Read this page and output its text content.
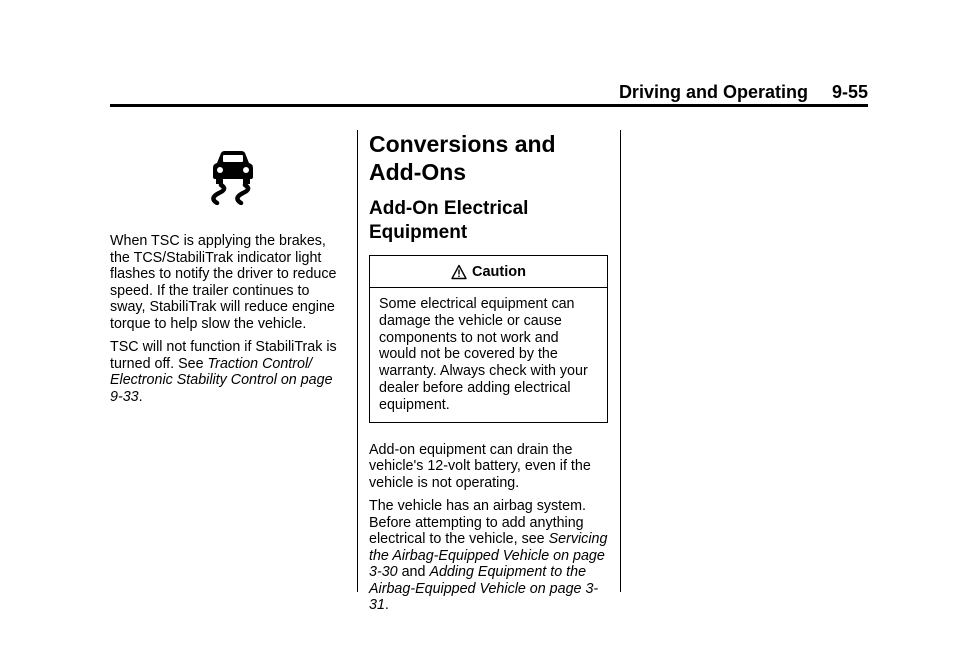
Driving and Operating 9-55

When TSC is applying the brakes, the TCS/StabiliTrak indicator light flashes to notify the driver to reduce speed. If the trailer continues to sway, StabiliTrak will reduce engine torque to help slow the vehicle.

TSC will not function if StabiliTrak is turned off. See Traction Control/ Electronic Stability Control on page 9-33.

Conversions and Add-Ons
Add-On Electrical Equipment
Caution

Some electrical equipment can damage the vehicle or cause components to not work and would not be covered by the warranty. Always check with your dealer before adding electrical equipment.

Add-on equipment can drain the vehicle's 12-volt battery, even if the vehicle is not operating.

The vehicle has an airbag system. Before attempting to add anything electrical to the vehicle, see Servicing the Airbag-Equipped Vehicle on page 3-30 and Adding Equipment to the Airbag-Equipped Vehicle on page 3-31.
